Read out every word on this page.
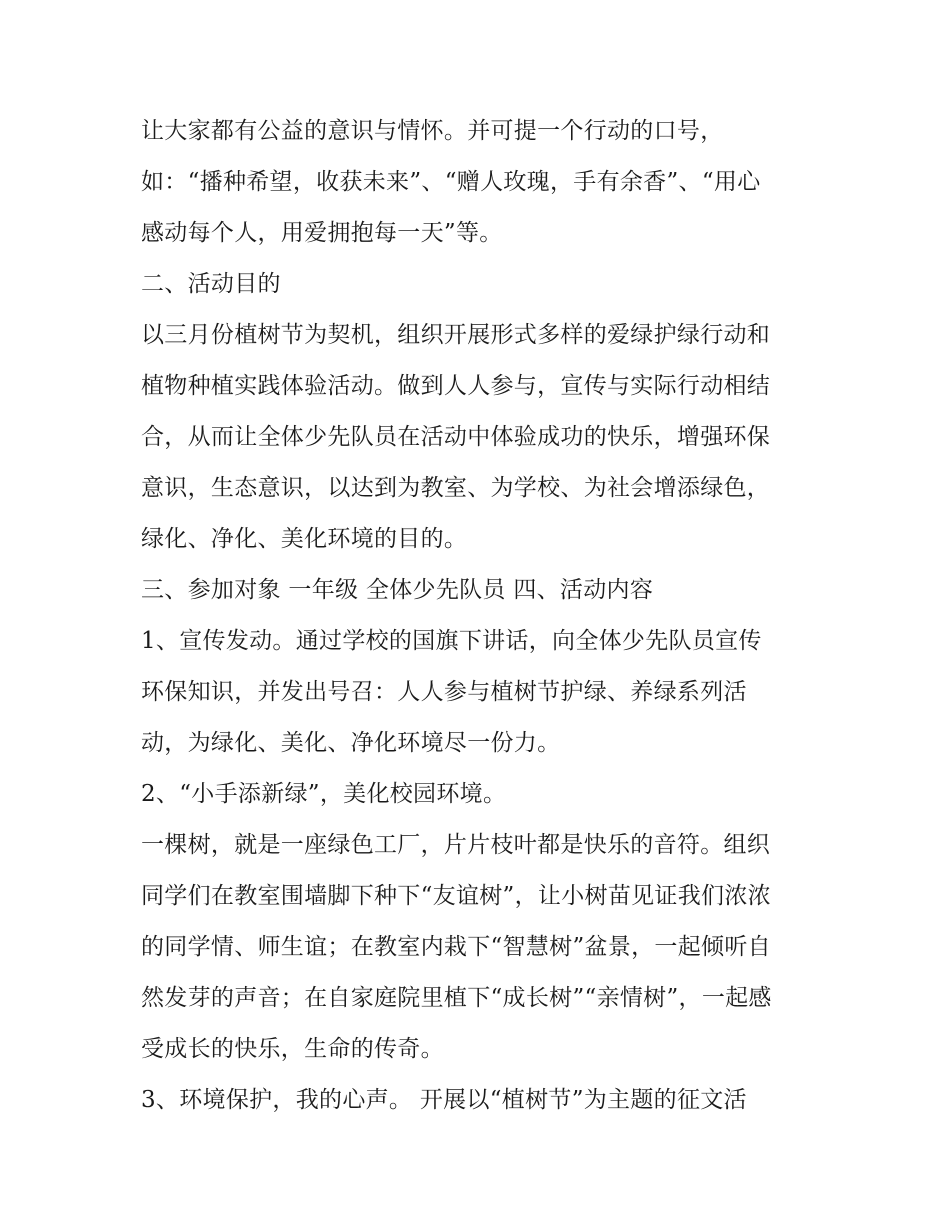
让大家都有公益的意识与情怀。并可提一个行动的口号，
如：“播种希望，收获未来”、“赠人玫瑰，手有余香”、“用心
感动每个人，用爱拥抱每一天”等。
二、活动目的
以三月份植树节为契机，组织开展形式多样的爱绿护绿行动和
植物种植实践体验活动。做到人人参与，宣传与实际行动相结
合，从而让全体少先队员在活动中体验成功的快乐，增强环保
意识，生态意识，以达到为教室、为学校、为社会增添绿色，
绿化、净化、美化环境的目的。
三、参加对象 一年级 全体少先队员 四、活动内容
1、宣传发动。通过学校的国旗下讲话，向全体少先队员宣传
环保知识，并发出号召：人人参与植树节护绿、养绿系列活
动，为绿化、美化、净化环境尽一份力。
2、“小手添新绿”，美化校园环境。
一棵树，就是一座绿色工厂，片片枝叶都是快乐的音符。组织
同学们在教室围墙脚下种下“友谊树”，让小树苗见证我们浓浓
的同学情、师生谊；在教室内栽下“智慧树”盆景，一起倾听自
然发芽的声音；在自家庭院里植下“成长树”“亲情树”，一起感
受成长的快乐，生命的传奇。
3、环境保护，我的心声。 开展以“植树节”为主题的征文活
